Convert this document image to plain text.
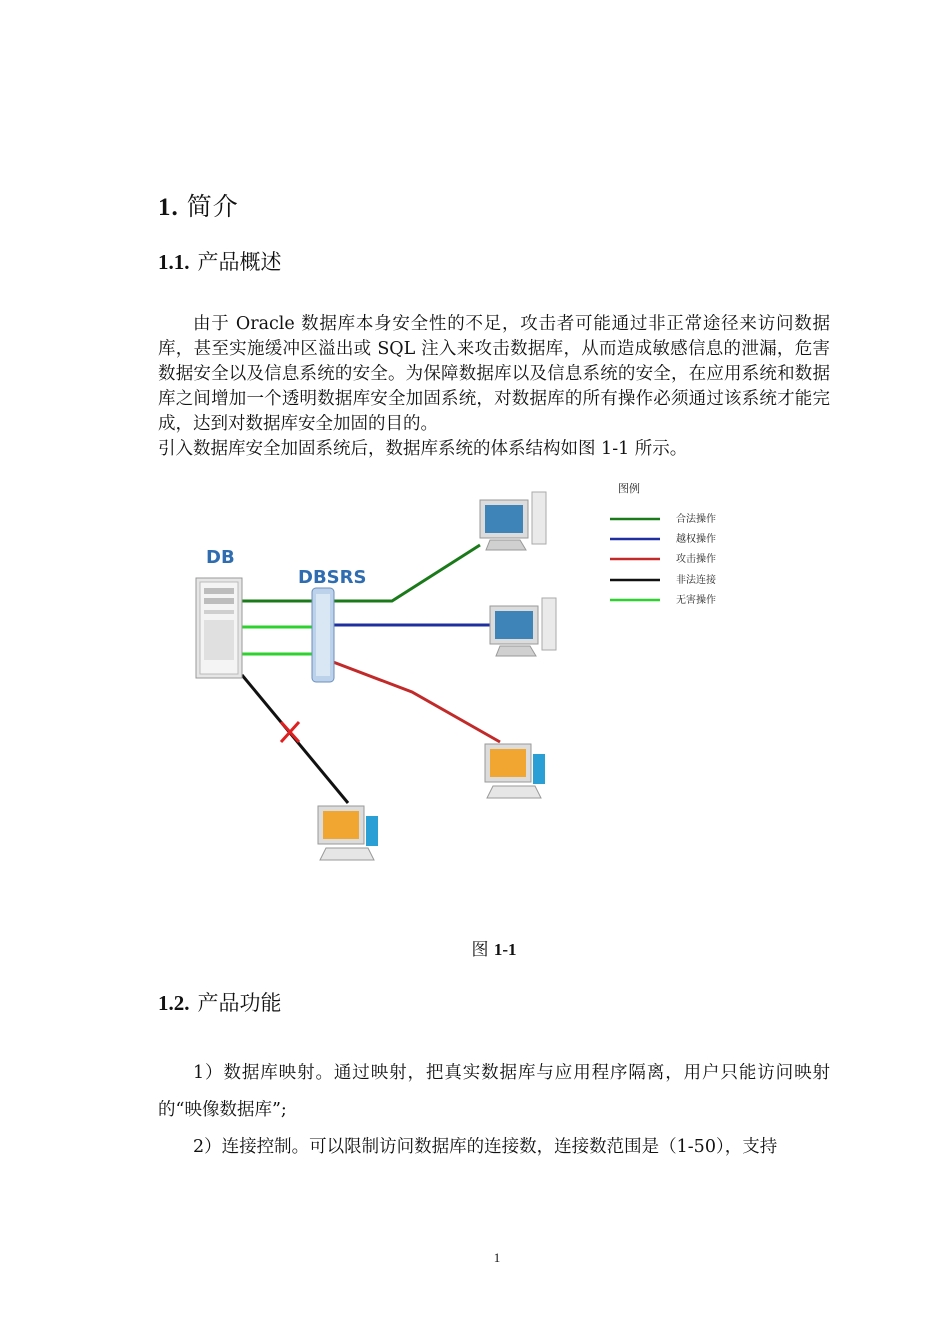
1. 简介
1.1. 产品概述
由于 Oracle 数据库本身安全性的不足，攻击者可能通过非正常途径来访问数据库，甚至实施缓冲区溢出或 SQL 注入来攻击数据库，从而造成敏感信息的泄漏，危害数据安全以及信息系统的安全。为保障数据库以及信息系统的安全，在应用系统和数据库之间增加一个透明数据库安全加固系统，对数据库的所有操作必须通过该系统才能完成，达到对数据库安全加固的目的。
引入数据库安全加固系统后，数据库系统的体系结构如图 1-1 所示。
DB
DBSRS
图例
合法操作
越权操作
攻击操作
非法连接
无害操作
图 1-1
1.2. 产品功能
1）数据库映射。通过映射，把真实数据库与应用程序隔离，用户只能访问映射的“映像数据库”;
2）连接控制。可以限制访问数据库的连接数，连接数范围是（1-50），支持
1
